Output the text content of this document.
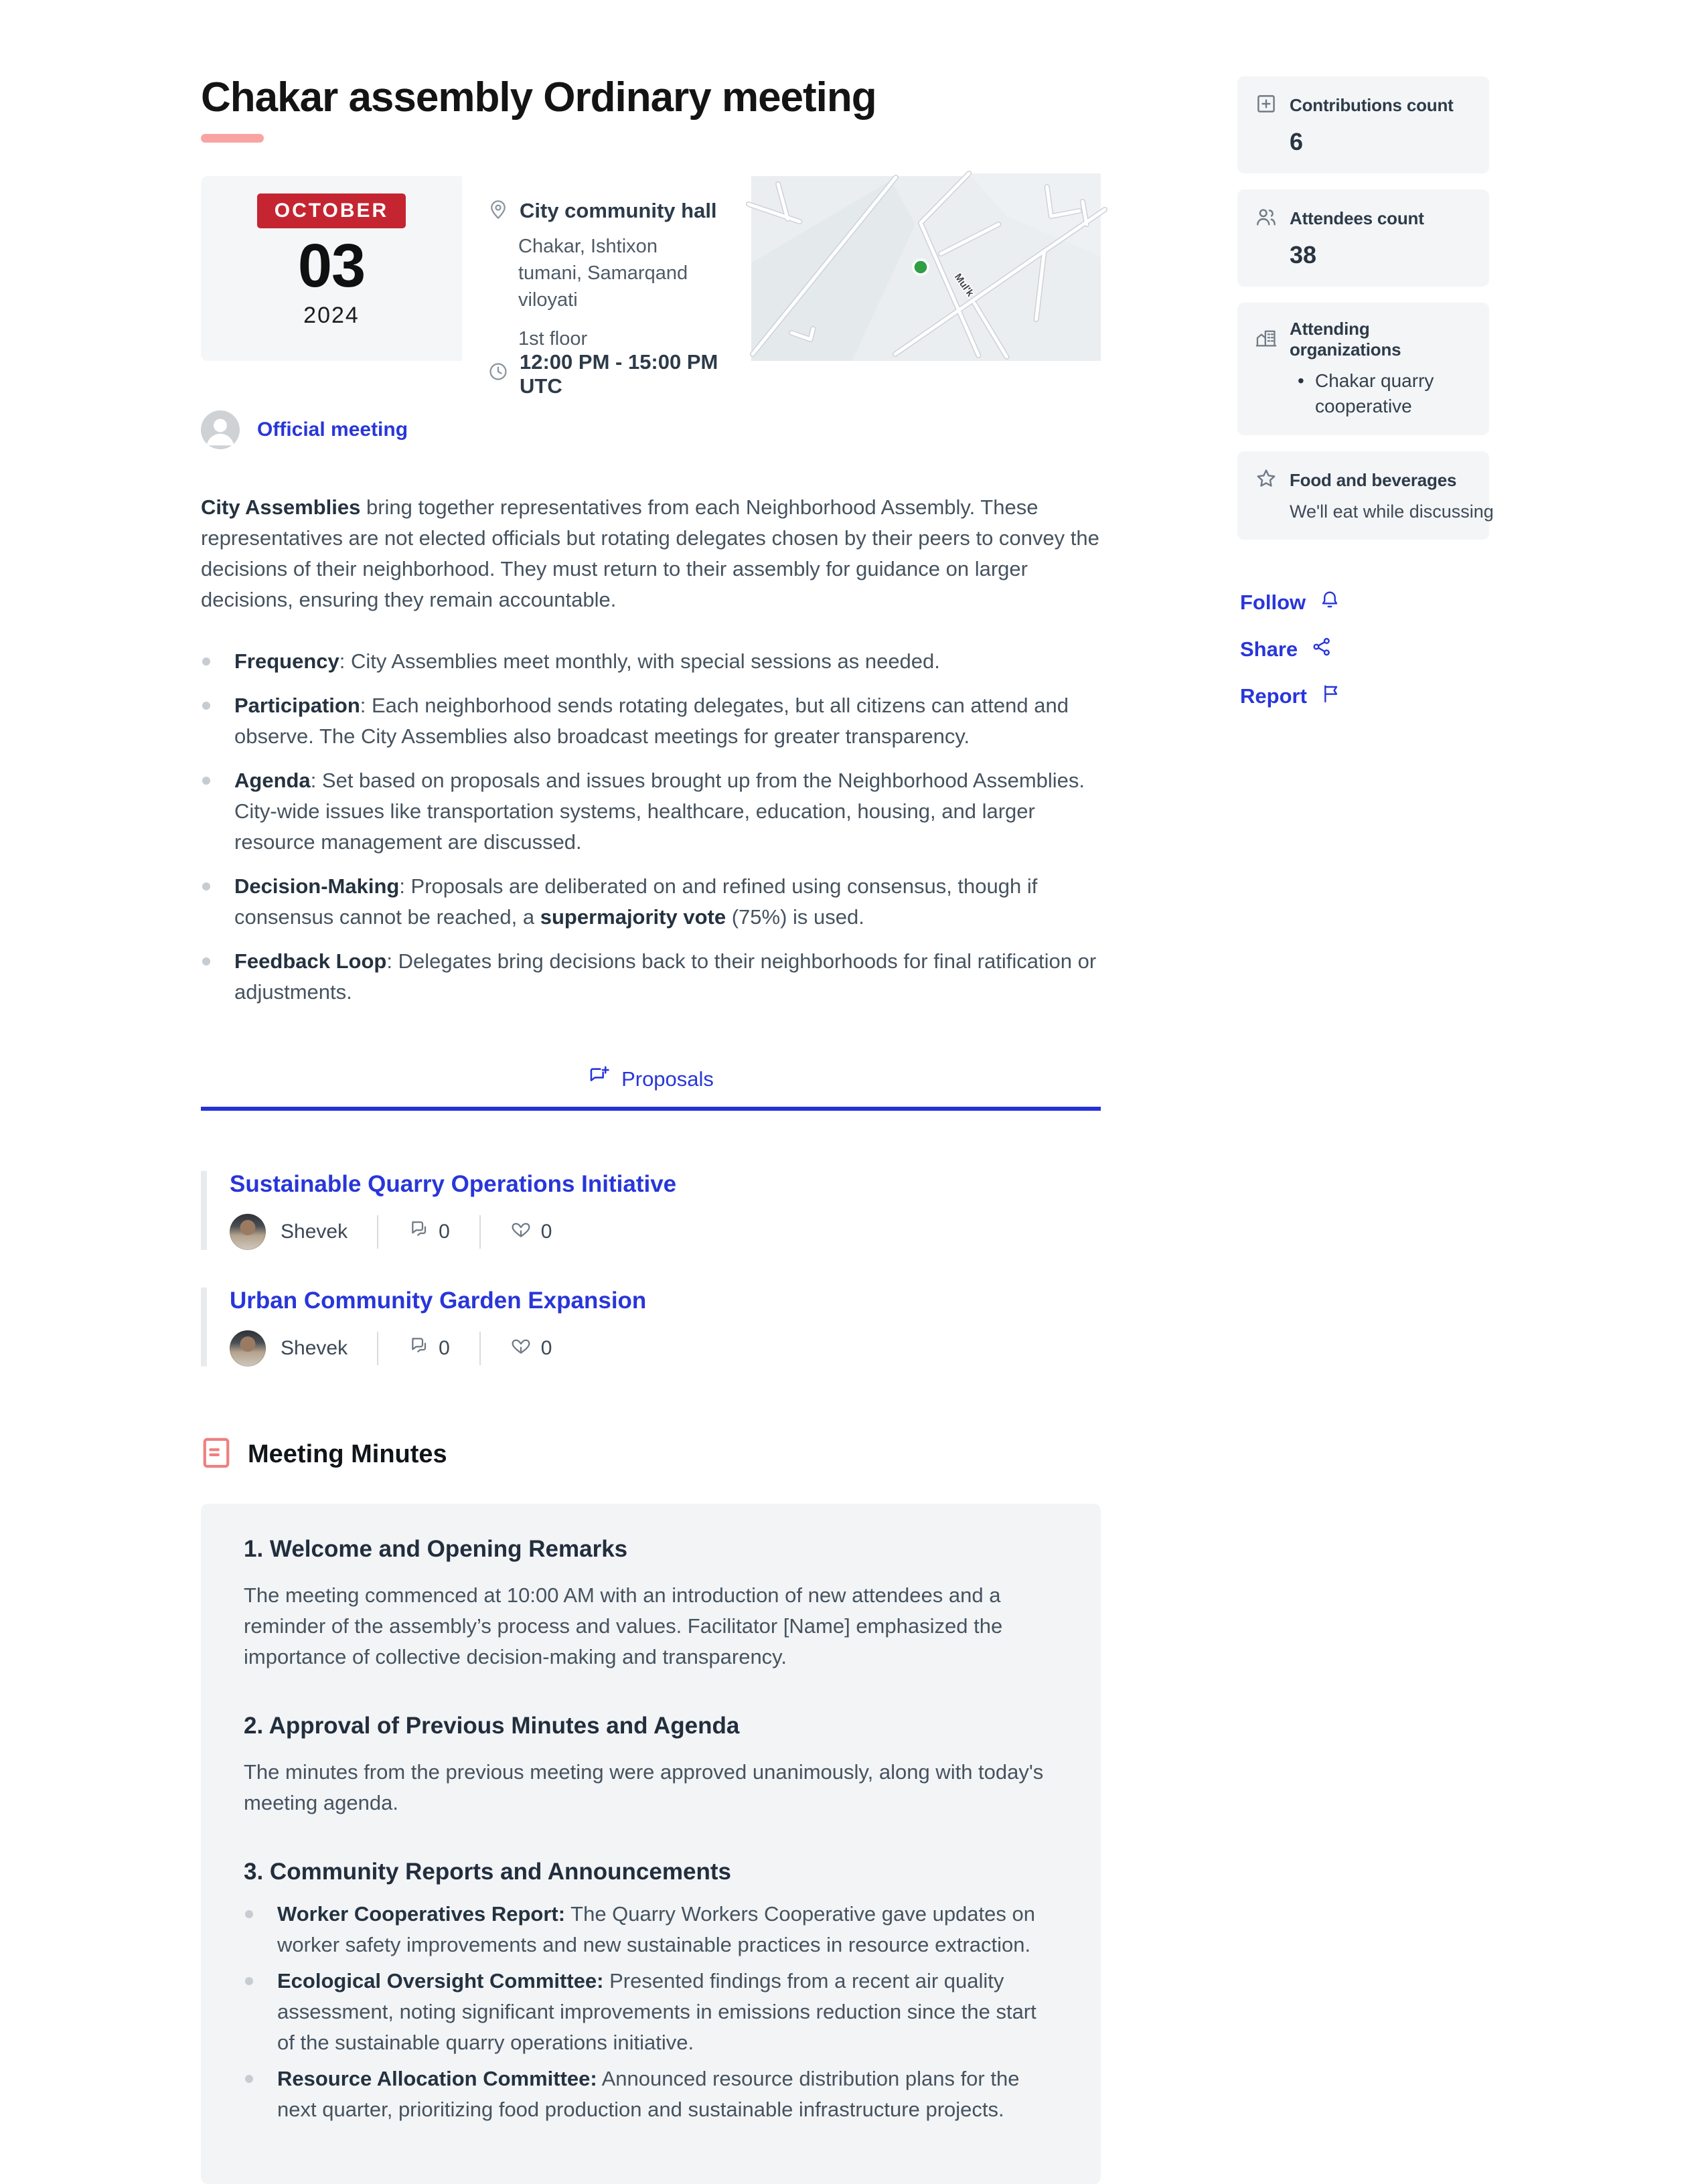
Chakar assembly Ordinary meeting
OCTOBER
03
2024
City community hall
Chakar, Ishtixon tumani, Samarqand viloyati
1st floor
12:00 PM - 15:00 PM UTC
Mul'k
Official meeting

City Assemblies bring together representatives from each Neighborhood Assembly. These representatives are not elected officials but rotating delegates chosen by their peers to convey the decisions of their neighborhood. They must return to their assembly for guidance on larger decisions, ensuring they remain accountable.

Frequency: City Assemblies meet monthly, with special sessions as needed.
Participation: Each neighborhood sends rotating delegates, but all citizens can attend and observe. The City Assemblies also broadcast meetings for greater transparency.
Agenda: Set based on proposals and issues brought up from the Neighborhood Assemblies. City-wide issues like transportation systems, healthcare, education, housing, and larger resource management are discussed.
Decision-Making: Proposals are deliberated on and refined using consensus, though if consensus cannot be reached, a supermajority vote (75%) is used.
Feedback Loop: Delegates bring decisions back to their neighborhoods for final ratification or adjustments.
Proposals
Sustainable Quarry Operations Initiative
Shevek	0	0
Urban Community Garden Expansion
Shevek	0	0
Meeting Minutes
1. Welcome and Opening Remarks

The meeting commenced at 10:00 AM with an introduction of new attendees and a reminder of the assembly’s process and values. Facilitator [Name] emphasized the importance of collective decision-making and transparency.

2. Approval of Previous Minutes and Agenda

The minutes from the previous meeting were approved unanimously, along with today's meeting agenda.

3. Community Reports and Announcements
Worker Cooperatives Report: The Quarry Workers Cooperative gave updates on worker safety improvements and new sustainable practices in resource extraction.
Ecological Oversight Committee: Presented findings from a recent air quality assessment, noting significant improvements in emissions reduction since the start of the sustainable quarry operations initiative.
Resource Allocation Committee: Announced resource distribution plans for the next quarter, prioritizing food production and sustainable infrastructure projects.
Contributions count
6
Attendees count
38
Attending organizations
• Chakar quarry cooperative
Food and beverages
We'll eat while discussing
Follow
Share
Report
